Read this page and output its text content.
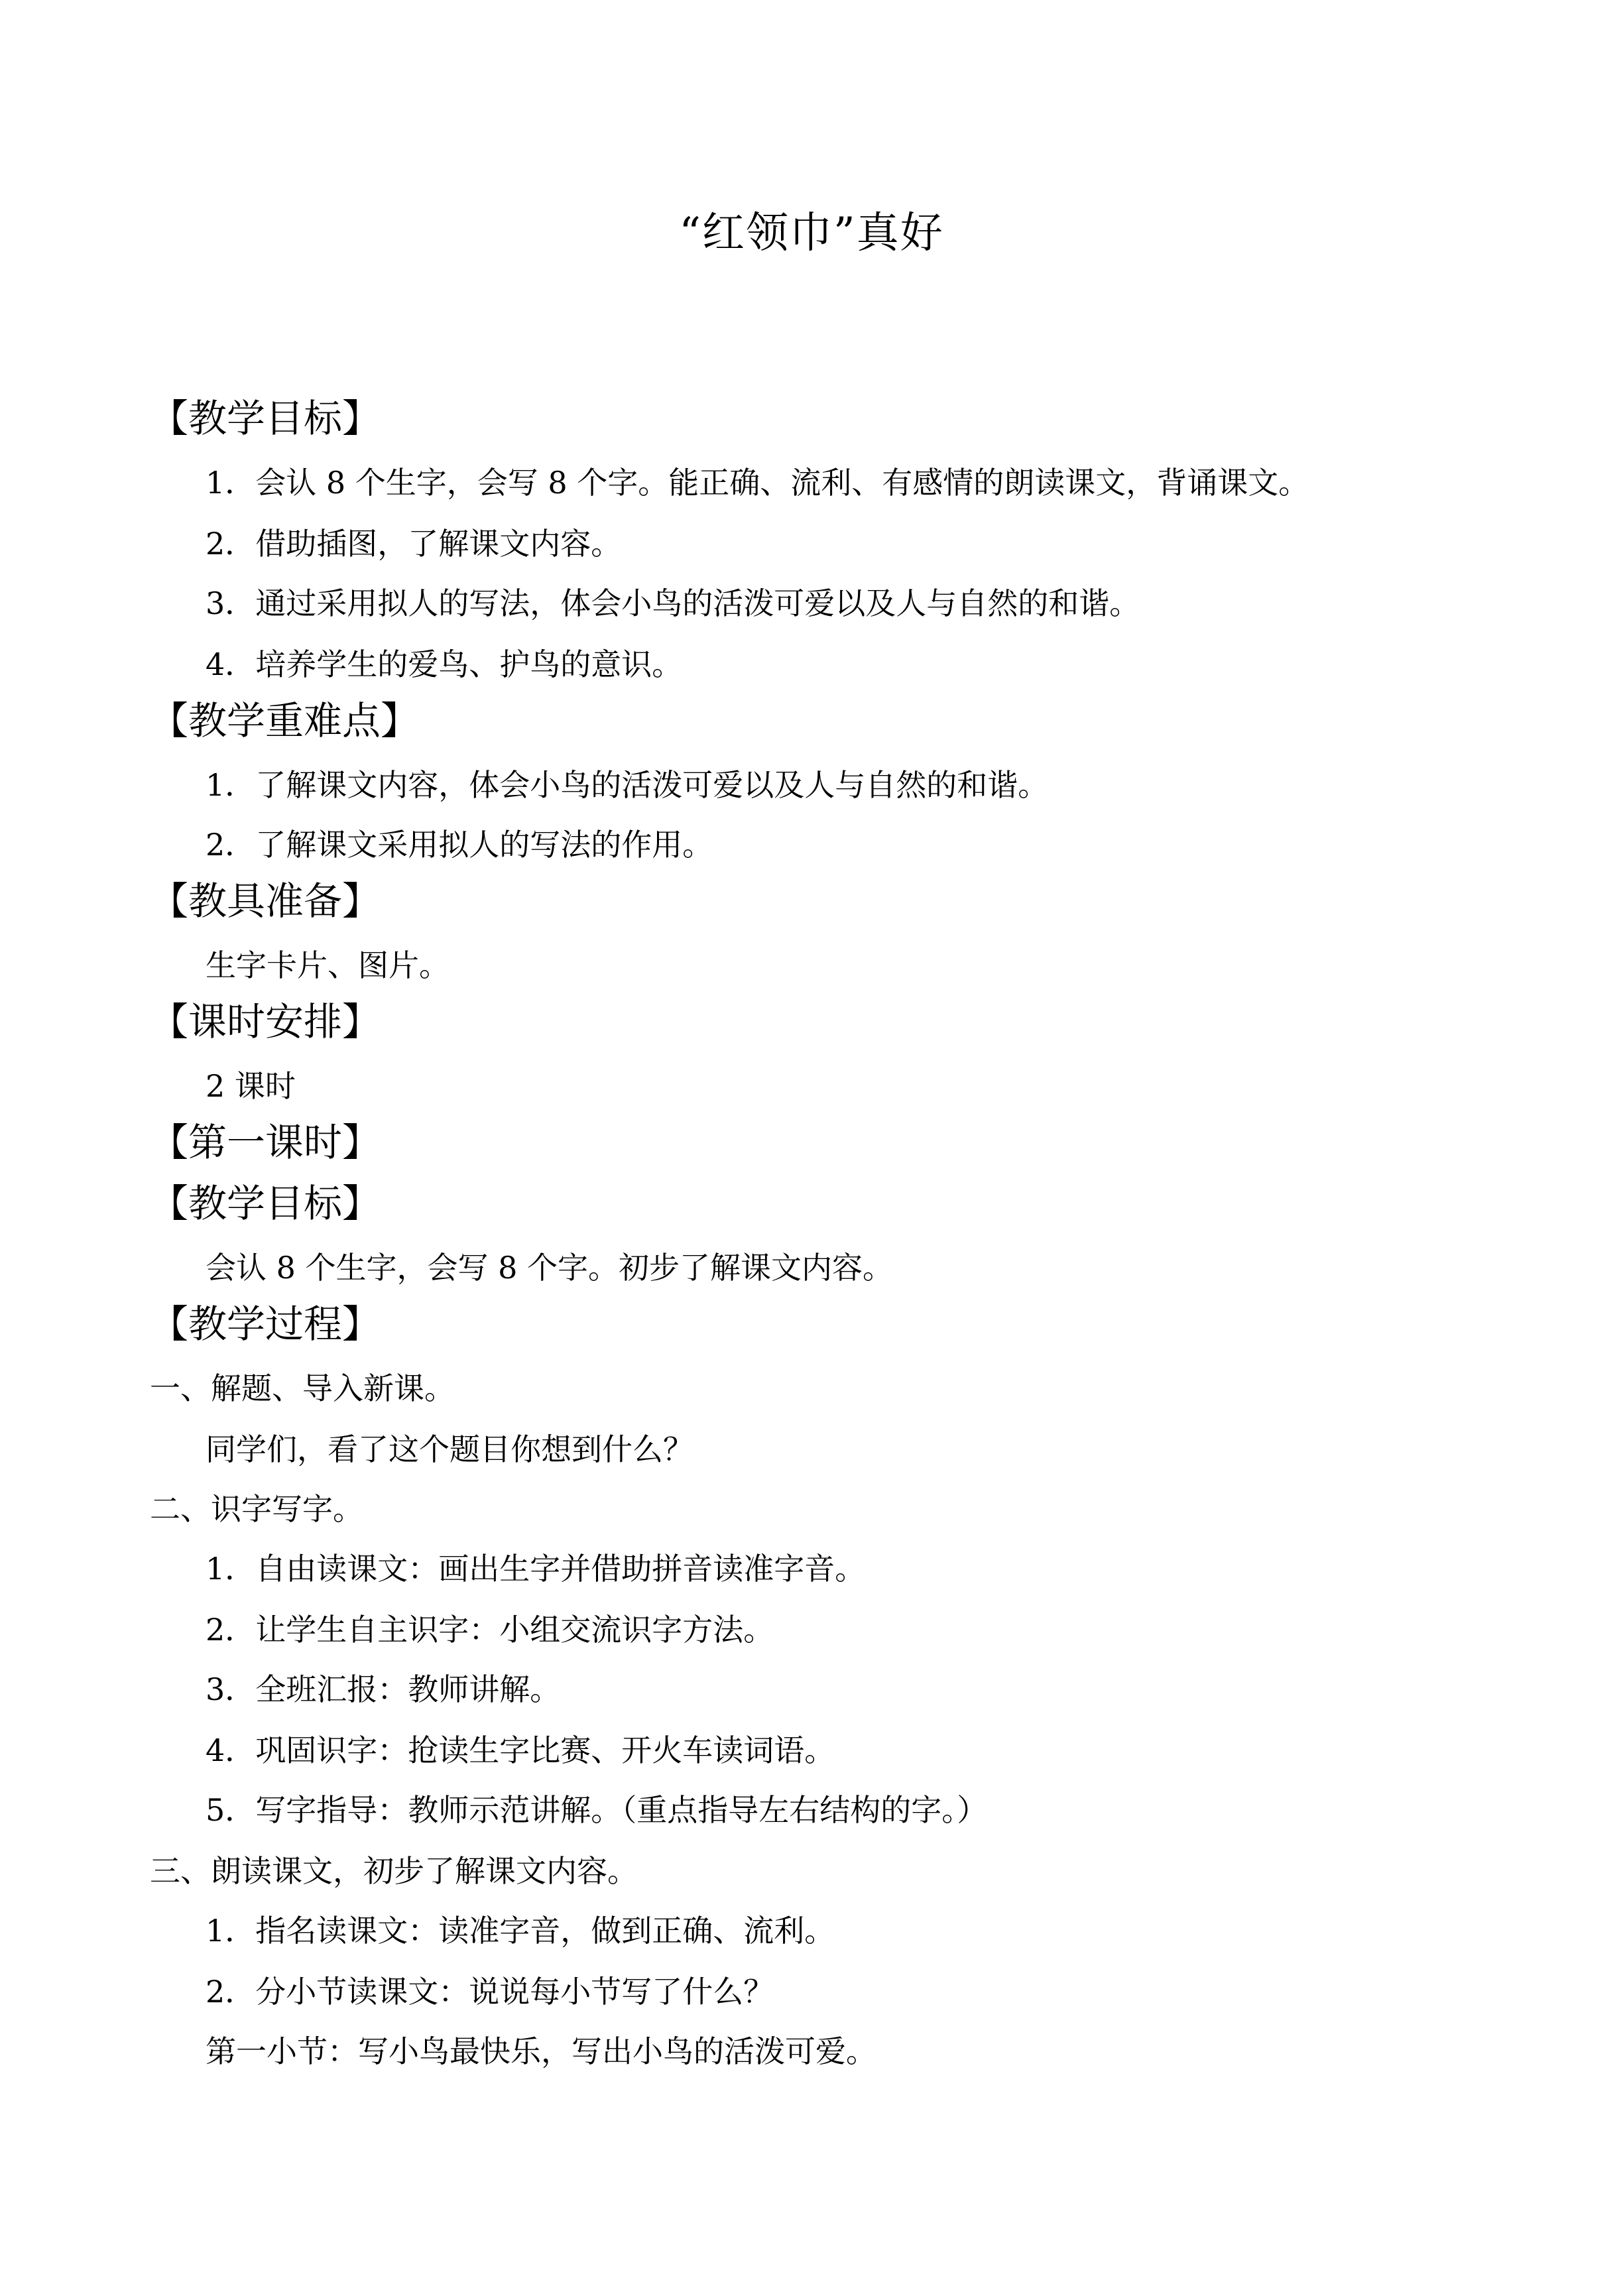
“红领巾”真好
【教学目标】
1．会认 8 个生字，会写 8 个字。能正确、流利、有感情的朗读课文，背诵课文。
2．借助插图，了解课文内容。
3．通过采用拟人的写法，体会小鸟的活泼可爱以及人与自然的和谐。
4．培养学生的爱鸟、护鸟的意识。
【教学重难点】
1．了解课文内容，体会小鸟的活泼可爱以及人与自然的和谐。
2．了解课文采用拟人的写法的作用。
【教具准备】
生字卡片、图片。
【课时安排】
2 课时
【第一课时】
【教学目标】
会认 8 个生字，会写 8 个字。初步了解课文内容。
【教学过程】
一、解题、导入新课。
同学们，看了这个题目你想到什么？
二、识字写字。
1．自由读课文：画出生字并借助拼音读准字音。
2．让学生自主识字：小组交流识字方法。
3．全班汇报：教师讲解。
4．巩固识字：抢读生字比赛、开火车读词语。
5．写字指导：教师示范讲解。（重点指导左右结构的字。）
三、朗读课文，初步了解课文内容。
1．指名读课文：读准字音，做到正确、流利。
2．分小节读课文：说说每小节写了什么？
第一小节：写小鸟最快乐，写出小鸟的活泼可爱。
